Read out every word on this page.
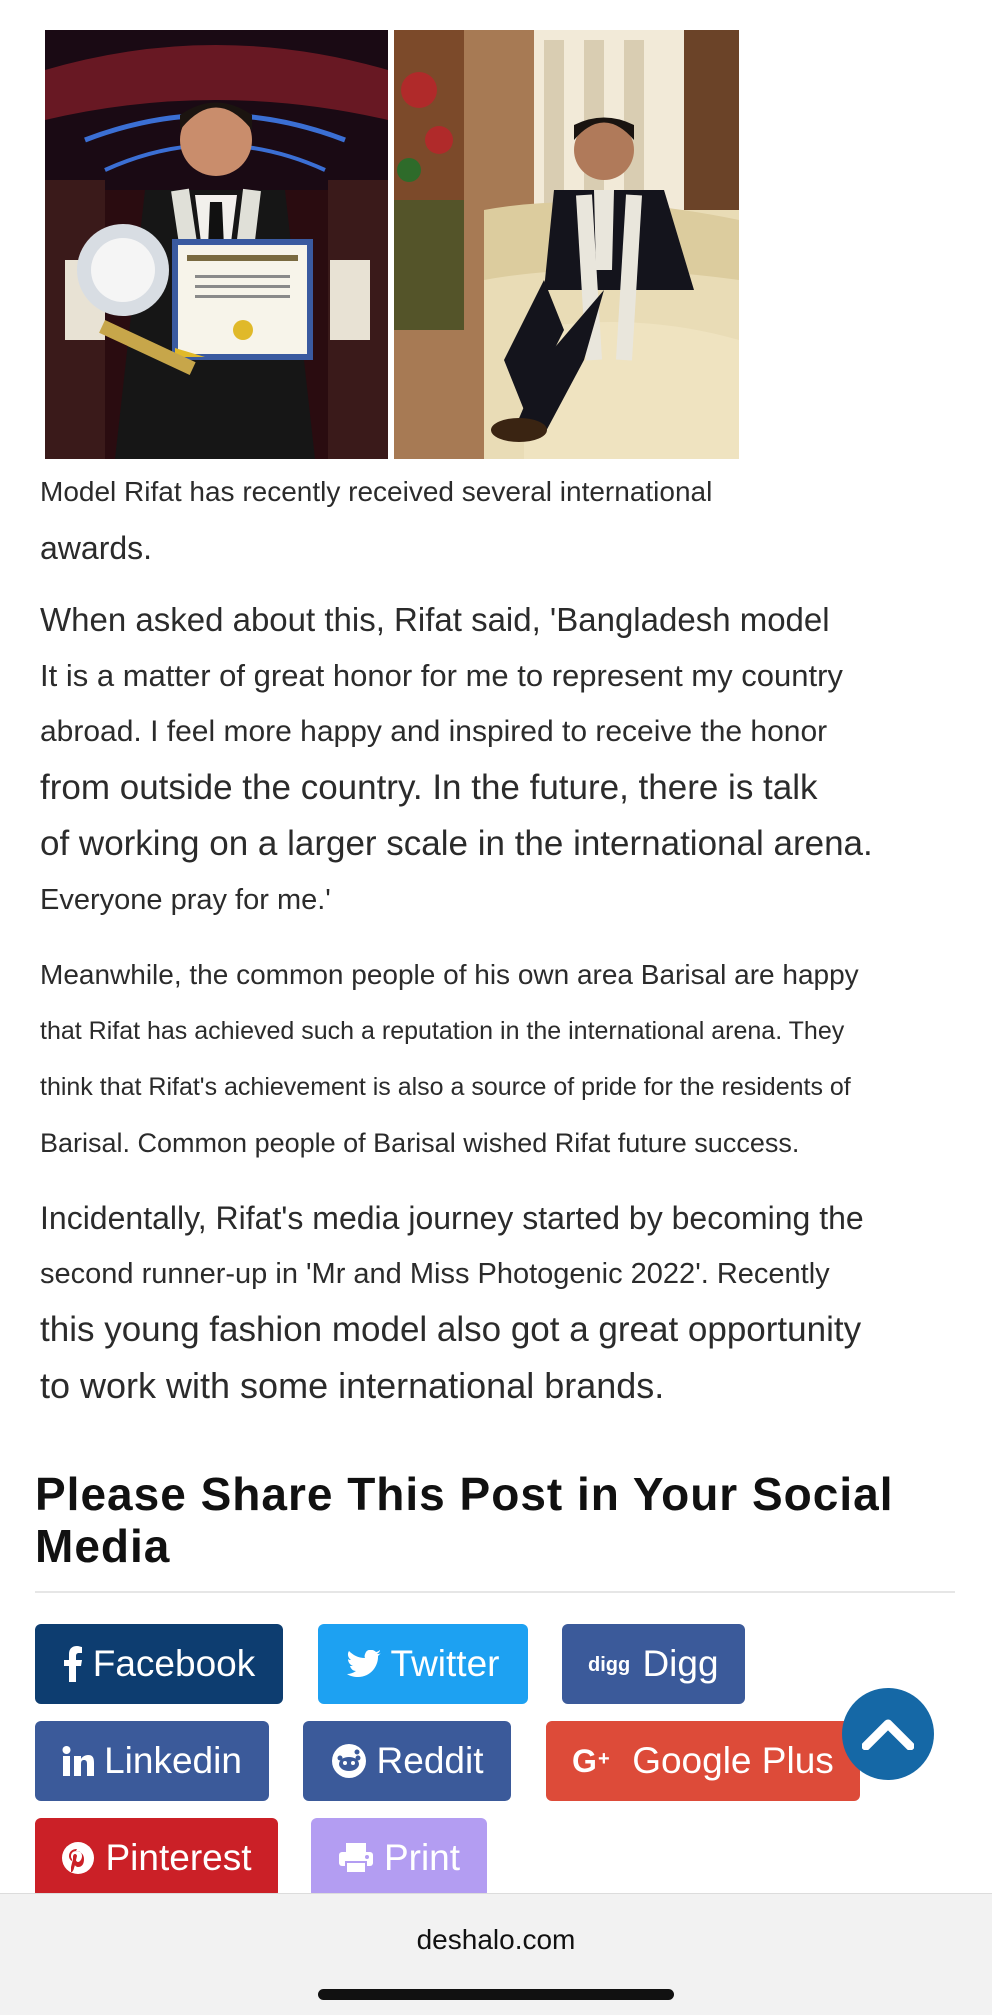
Model Rifat has recently received several international
awards.
When asked about this, Rifat said, 'Bangladesh model
It is a matter of great honor for me to represent my country
abroad. I feel more happy and inspired to receive the honor
from outside the country. In the future, there is talk
of working on a larger scale in the international arena.
Everyone pray for me.'
Meanwhile, the common people of his own area Barisal are happy
that Rifat has achieved such a reputation in the international arena. They
think that Rifat's achievement is also a source of pride for the residents of
Barisal. Common people of Barisal wished Rifat future success.
Incidentally, Rifat's media journey started by becoming the
second runner-up in 'Mr and Miss Photogenic 2022'. Recently
this young fashion model also got a great opportunity
to work with some international brands.
Please Share This Post in Your Social
Media
Facebook	Twitter	digg Digg
Linkedin	Reddit	G + Google Plus
Pinterest	Print
deshalo.com
